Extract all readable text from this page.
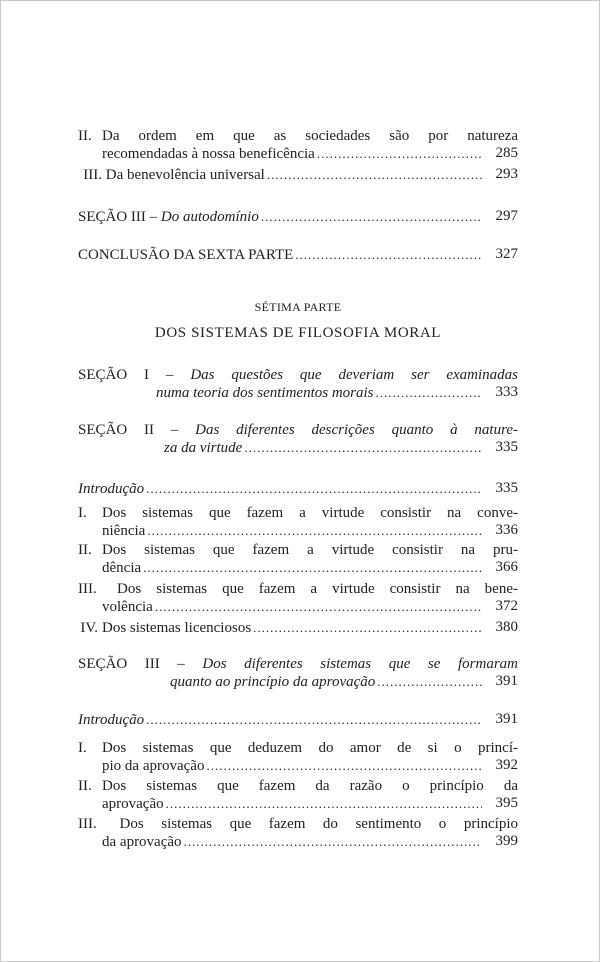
II. Da ordem em que as sociedades são por natureza
recomendadas à nossa beneficência .....	285
III. Da benevolência universal .....	293
SEÇÃO III – Do autodomínio .....	297
CONCLUSÃO DA SEXTA PARTE .....	327
SÉTIMA PARTE
DOS SISTEMAS DE FILOSOFIA MORAL
SEÇÃO I – Das questões que deveriam ser examinadas
numa teoria dos sentimentos morais .....	333
SEÇÃO II – Das diferentes descrições quanto à nature-
za da virtude .....	335
Introdução .....	335
I. Dos sistemas que fazem a virtude consistir na conve-
niência .....	336
II. Dos sistemas que fazem a virtude consistir na pru-
dência .....	366
III. Dos sistemas que fazem a virtude consistir na bene-
volência .....	372
IV. Dos sistemas licenciosos .....	380
SEÇÃO III – Dos diferentes sistemas que se formaram
quanto ao princípio da aprovação .....	391
Introdução .....	391
I. Dos sistemas que deduzem do amor de si o princí-
pio da aprovação .....	392
II. Dos sistemas que fazem da razão o princípio da
aprovação .....	395
III. Dos sistemas que fazem do sentimento o princípio
da aprovação .....	399
